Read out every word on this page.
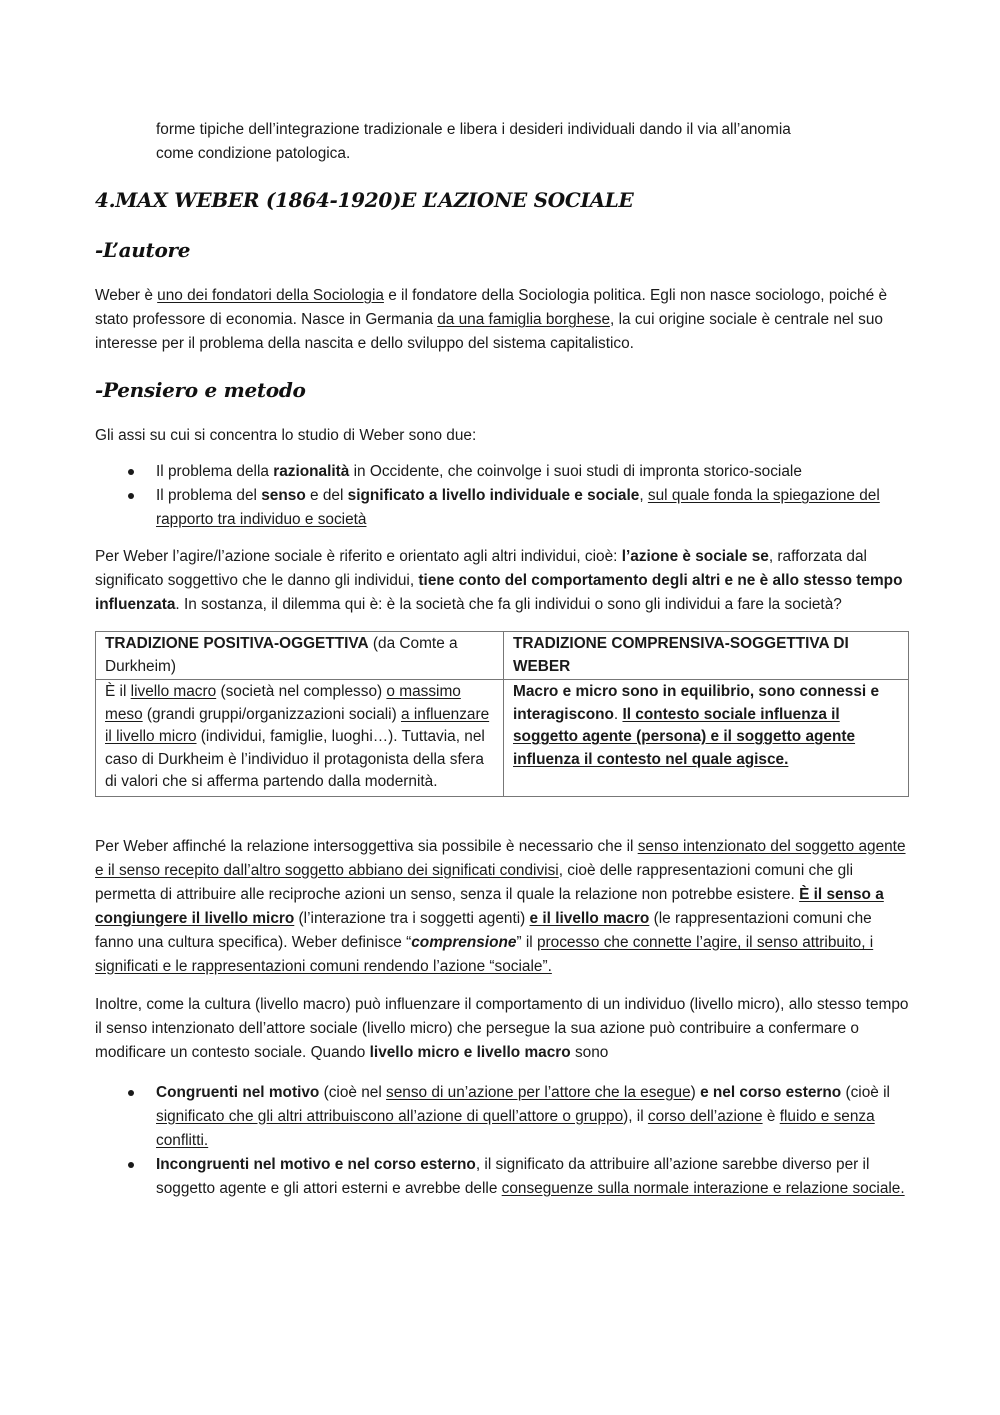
forme tipiche dell’integrazione tradizionale e libera i desideri individuali dando il via all’anomia
come condizione patologica.

4.MAX WEBER (1864-1920)E L’AZIONE SOCIALE
-L’autore

Weber è uno dei fondatori della Sociologia e il fondatore della Sociologia politica. Egli non nasce sociologo, poiché è stato professore di economia. Nasce in Germania da una famiglia borghese, la cui origine sociale è centrale nel suo interesse per il problema della nascita e dello sviluppo del sistema capitalistico.

-Pensiero e metodo

Gli assi su cui si concentra lo studio di Weber sono due:

Il problema della razionalità in Occidente, che coinvolge i suoi studi di impronta storico-sociale
Il problema del senso e del significato a livello individuale e sociale, sul quale fonda la spiegazione del rapporto tra individuo e società

Per Weber l’agire/l’azione sociale è riferito e orientato agli altri individui, cioè: l’azione è sociale se, rafforzata dal significato soggettivo che le danno gli individui, tiene conto del comportamento degli altri e ne è allo stesso tempo influenzata. In sostanza, il dilemma qui è: è la società che fa gli individui o sono gli individui a fare la società?

TRADIZIONE POSITIVA-OGGETTIVA (da Comte a Durkheim)	TRADIZIONE COMPRENSIVA-SOGGETTIVA DI WEBER
È il livello macro (società nel complesso) o massimo meso (grandi gruppi/organizzazioni sociali) a influenzare il livello micro (individui, famiglie, luoghi…). Tuttavia, nel caso di Durkheim è l’individuo il protagonista della sfera di valori che si afferma partendo dalla modernità.	Macro e micro sono in equilibrio, sono connessi e interagiscono. Il contesto sociale influenza il soggetto agente (persona) e il soggetto agente influenza il contesto nel quale agisce.

Per Weber affinché la relazione intersoggettiva sia possibile è necessario che il senso intenzionato del soggetto agente e il senso recepito dall’altro soggetto abbiano dei significati condivisi, cioè delle rappresentazioni comuni che gli permetta di attribuire alle reciproche azioni un senso, senza il quale la relazione non potrebbe esistere. È il senso a congiungere il livello micro (l’interazione tra i soggetti agenti) e il livello macro (le rappresentazioni comuni che fanno una cultura specifica). Weber definisce “comprensione” il processo che connette l’agire, il senso attribuito, i significati e le rappresentazioni comuni rendendo l’azione “sociale”.

Inoltre, come la cultura (livello macro) può influenzare il comportamento di un individuo (livello micro), allo stesso tempo il senso intenzionato dell’attore sociale (livello micro) che persegue la sua azione può contribuire a confermare o modificare un contesto sociale. Quando livello micro e livello macro sono

Congruenti nel motivo (cioè nel senso di un’azione per l’attore che la esegue) e nel corso esterno (cioè il significato che gli altri attribuiscono all’azione di quell’attore o gruppo), il corso dell’azione è fluido e senza conflitti.
Incongruenti nel motivo e nel corso esterno, il significato da attribuire all’azione sarebbe diverso per il soggetto agente e gli attori esterni e avrebbe delle conseguenze sulla normale interazione e relazione sociale.
